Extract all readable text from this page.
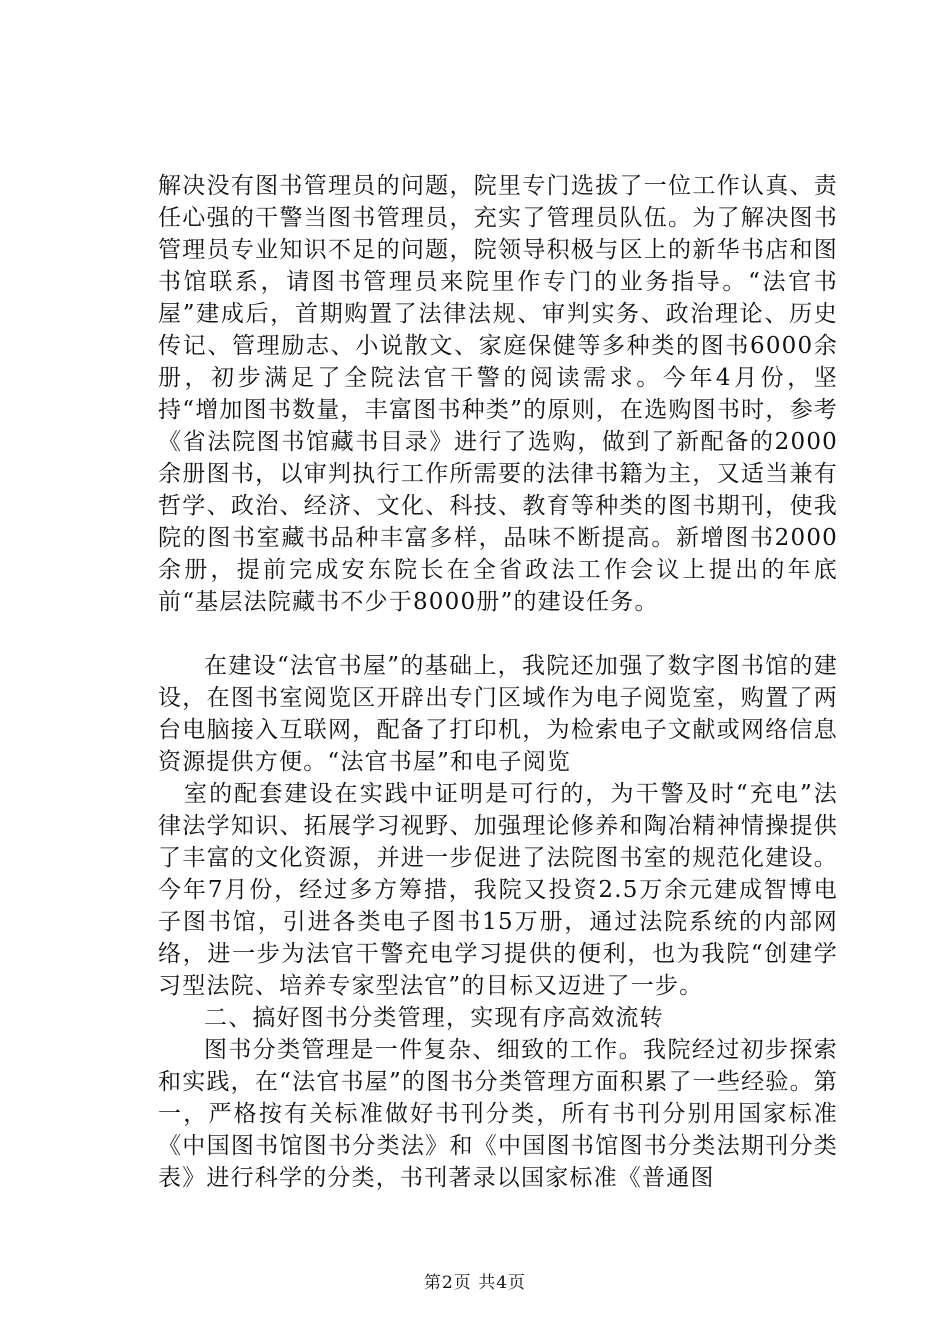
解决没有图书管理员的问题，院里专门选拔了一位工作认真、责任心强的干警当图书管理员，充实了管理员队伍。为了解决图书管理员专业知识不足的问题，院领导积极与区上的新华书店和图书馆联系，请图书管理员来院里作专门的业务指导。“法官书屋”建成后，首期购置了法律法规、审判实务、政治理论、历史传记、管理励志、小说散文、家庭保健等多种类的图书6000余册，初步满足了全院法官干警的阅读需求。今年4月份，坚持“增加图书数量，丰富图书种类”的原则，在选购图书时，参考《省法院图书馆藏书目录》进行了选购，做到了新配备的2000余册图书，以审判执行工作所需要的法律书籍为主，又适当兼有哲学、政治、经济、文化、科技、教育等种类的图书期刊，使我院的图书室藏书品种丰富多样，品味不断提高。新增图书2000余册，提前完成安东院长在全省政法工作会议上提出的年底前“基层法院藏书不少于8000册”的建设任务。

在建设“法官书屋”的基础上，我院还加强了数字图书馆的建设，在图书室阅览区开辟出专门区域作为电子阅览室，购置了两台电脑接入互联网，配备了打印机，为检索电子文献或网络信息资源提供方便。“法官书屋”和电子阅览

室的配套建设在实践中证明是可行的，为干警及时“充电”法律法学知识、拓展学习视野、加强理论修养和陶冶精神情操提供了丰富的文化资源，并进一步促进了法院图书室的规范化建设。今年7月份，经过多方筹措，我院又投资2.5万余元建成智博电子图书馆，引进各类电子图书15万册，通过法院系统的内部网络，进一步为法官干警充电学习提供的便利，也为我院“创建学习型法院、培养专家型法官”的目标又迈进了一步。

二、搞好图书分类管理，实现有序高效流转

图书分类管理是一件复杂、细致的工作。我院经过初步探索和实践，在“法官书屋”的图书分类管理方面积累了一些经验。第一，严格按有关标准做好书刊分类，所有书刊分别用国家标准《中国图书馆图书分类法》和《中国图书馆图书分类法期刊分类表》进行科学的分类，书刊著录以国家标准《普通图

第2页 共4页
